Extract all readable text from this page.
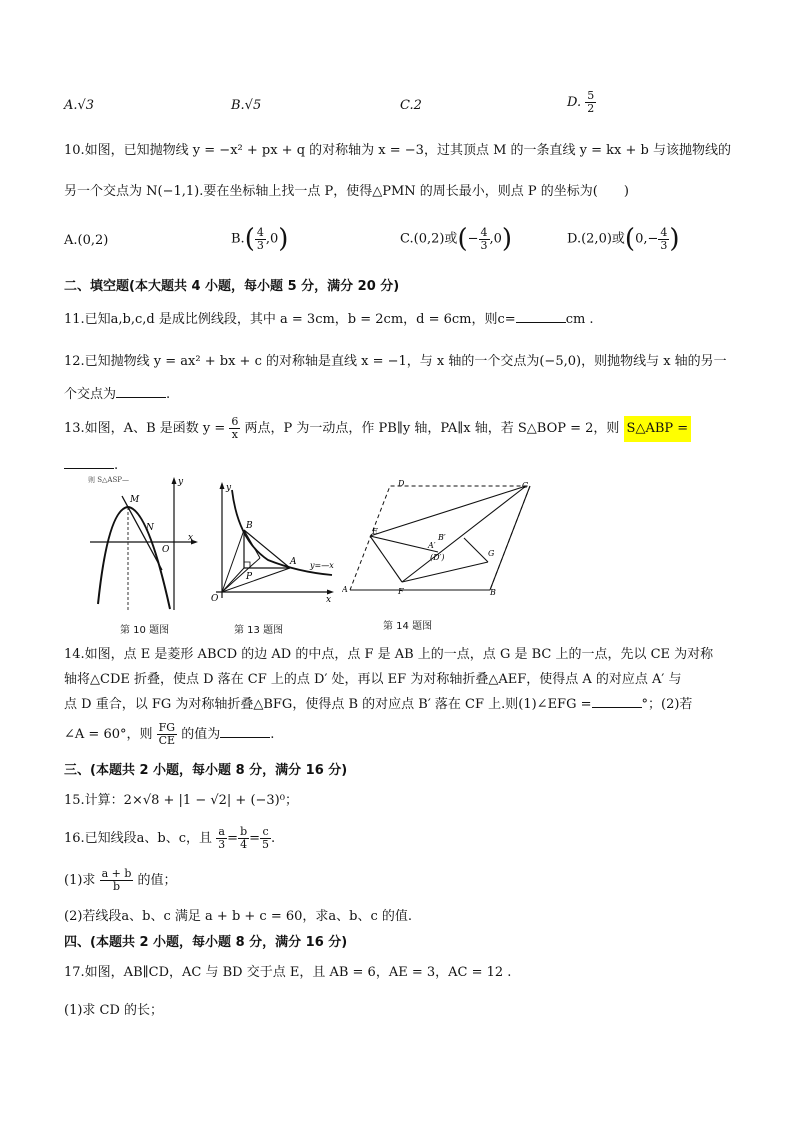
A.√3	B.√5	C.2	D. $\frac{5}{2}$
10.如图，已知抛物线 y = −x² + px + q 的对称轴为 x = −3，过其顶点 M 的一条直线 y = kx + b 与该抛物线的
另一个交点为 N(−1,1).要在坐标轴上找一点 P，使得△PMN 的周长最小，则点 P 的坐标为(　　)
A.(0,2)	$B.( \frac{4}{3} ,0)$	C.(0,2)或(− $\frac{4}{3} ,0$)	D.(2,0)或($0,- \frac{4}{3}$ )
二、填空题(本大题共 4 小题，每小题 5 分，满分 20 分)
11.已知a,b,c,d 是成比例线段，其中 a = 3cm，b = 2cm，d = 6cm，则c=	cm .
12.已知抛物线 y = ax² + bx + c 的对称轴是直线 x = −1，与 x 轴的一个交点为(−5,0)，则抛物线与 x 轴的另一
个交点为	.
13.如图，A、B 是函数 $y = \frac{6}{x}$ 两点，P 为一动点，作 PB∥y 轴，PA∥x 轴，若 S△BOP = 2，则 S△ABP =
.
则 S△ASP—	y
M
N
O
x
第 10 题图
y
B
A
P
O	x
y=—x
第 13 题图
D	C
E
B′
A′
(D′)	G
A	F	B
第 14 题图
14.如图，点 E 是菱形 ABCD 的边 AD 的中点，点 F 是 AB 上的一点，点 G 是 BC 上的一点，先以 CE 为对称
轴将△CDE 折叠，使点 D 落在 CF 上的点 D′ 处，再以 EF 为对称轴折叠△AEF，使得点 A 的对应点 A′ 与
点 D 重合，以 FG 为对称轴折叠△BFG，使得点 B 的对应点 B′ 落在 CF 上.则(1)∠EFG =	°；(2)若
∠A = 60°，则 $\frac{FG}{CE}$ 的值为	.
三、(本题共 2 小题，每小题 8 分，满分 16 分)
15.计算：2×√8 + |1 − √2| + (−3)⁰；
16.已知线段a、b、c，且 $\frac{a}{3} = \frac{b}{4} = \frac{c}{5}$ .
(1)求 $\frac{a + b}{b}$ 的值；
(2)若线段a、b、c 满足 a + b + c = 60，求a、b、c 的值.
四、(本题共 2 小题，每小题 8 分，满分 16 分)
17.如图，AB∥CD，AC 与 BD 交于点 E，且 AB = 6，AE = 3，AC = 12 .
(1)求 CD 的长；
